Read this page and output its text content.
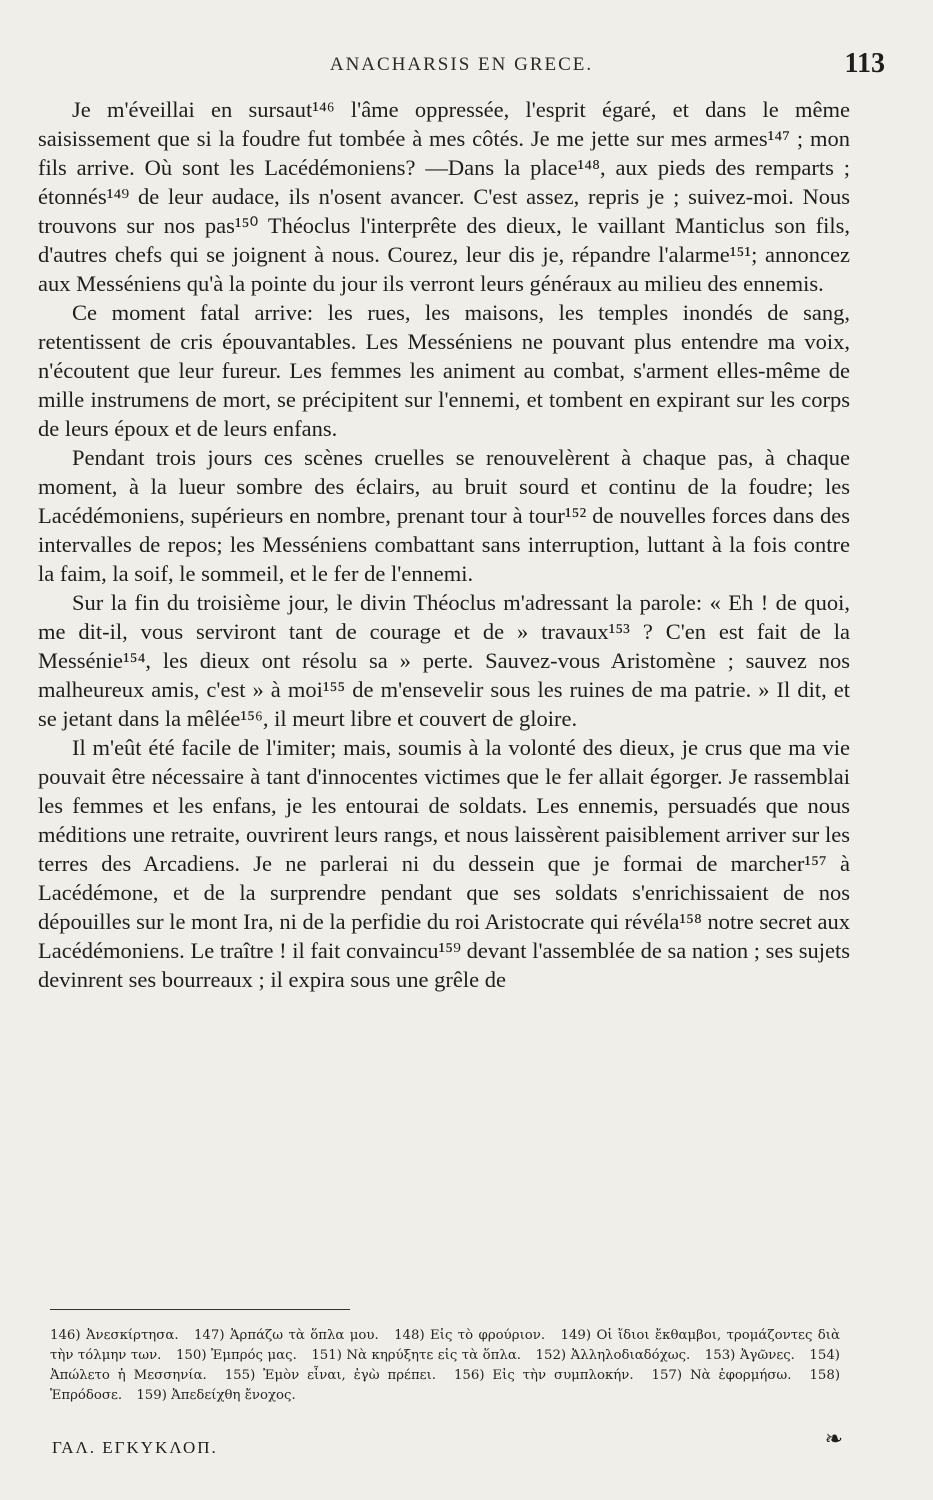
ANACHARSIS EN GRECE.	113

Je m'éveillai en sursaut¹⁴⁶ l'âme oppressée, l'esprit égaré, et dans le même saisissement que si la foudre fut tombée à mes côtés. Je me jette sur mes armes¹⁴⁷ ; mon fils arrive. Où sont les Lacédémoniens? —Dans la place¹⁴⁸, aux pieds des remparts ; étonnés¹⁴⁹ de leur audace, ils n'osent avancer. C'est assez, repris je ; suivez-moi. Nous trouvons sur nos pas¹⁵⁰ Théoclus l'interprête des dieux, le vaillant Manticlus son fils, d'autres chefs qui se joignent à nous. Courez, leur dis je, répandre l'alarme¹⁵¹; annoncez aux Messéniens qu'à la pointe du jour ils verront leurs généraux au milieu des ennemis.

Ce moment fatal arrive: les rues, les maisons, les temples inondés de sang, retentissent de cris épouvantables. Les Messéniens ne pouvant plus entendre ma voix, n'écoutent que leur fureur. Les femmes les animent au combat, s'arment elles-même de mille instrumens de mort, se précipitent sur l'ennemi, et tombent en expirant sur les corps de leurs époux et de leurs enfans.

Pendant trois jours ces scènes cruelles se renouvelèrent à chaque pas, à chaque moment, à la lueur sombre des éclairs, au bruit sourd et continu de la foudre; les Lacédémoniens, supérieurs en nombre, prenant tour à tour¹⁵² de nouvelles forces dans des intervalles de repos; les Messéniens combattant sans interruption, luttant à la fois contre la faim, la soif, le sommeil, et le fer de l'ennemi.

Sur la fin du troisième jour, le divin Théoclus m'adressant la parole: « Eh ! de quoi, me dit-il, vous serviront tant de courage et de » travaux¹⁵³ ? C'en est fait de la Messénie¹⁵⁴, les dieux ont résolu sa » perte. Sauvez-vous Aristomène ; sauvez nos malheureux amis, c'est » à moi¹⁵⁵ de m'ensevelir sous les ruines de ma patrie. » Il dit, et se jetant dans la mêlée¹⁵⁶, il meurt libre et couvert de gloire.

Il m'eût été facile de l'imiter; mais, soumis à la volonté des dieux, je crus que ma vie pouvait être nécessaire à tant d'innocentes victimes que le fer allait égorger. Je rassemblai les femmes et les enfans, je les entourai de soldats. Les ennemis, persuadés que nous méditions une retraite, ouvrirent leurs rangs, et nous laissèrent paisiblement arriver sur les terres des Arcadiens. Je ne parlerai ni du dessein que je formai de marcher¹⁵⁷ à Lacédémone, et de la surprendre pendant que ses soldats s'enrichissaient de nos dépouilles sur le mont Ira, ni de la perfidie du roi Aristocrate qui révéla¹⁵⁸ notre secret aux Lacédémoniens. Le traître ! il fait convaincu¹⁵⁹ devant l'assemblée de sa nation ; ses sujets devinrent ses bourreaux ; il expira sous une grêle de

146) Ἀνεσκίρτησα. 147) Ἁρπάζω τὰ ὅπλα μου. 148) Εἰς τὸ φρούριον. 149) Οἱ ἴδιοι ἔκθαμβοι, τρομάζοντες διὰ τὴν τόλμην των. 150) Ἐμπρός μας. 151) Νὰ κηρύξητε εἰς τὰ ὅπλα. 152) Ἀλληλοδιαδόχως. 153) Ἀγῶνες. 154) Ἀπώλετο ἡ Μεσσηνία. 155) Ἐμὸν εἶναι, ἐγὼ πρέπει. 156) Εἰς τὴν συμπλοκήν. 157) Νὰ ἐφορμήσω. 158) Ἐπρόδοσε. 159) Ἀπεδείχθη ἔνοχος.
ΓΑΛ. ΕΓΚΥΚΛΟΠ.	❧
